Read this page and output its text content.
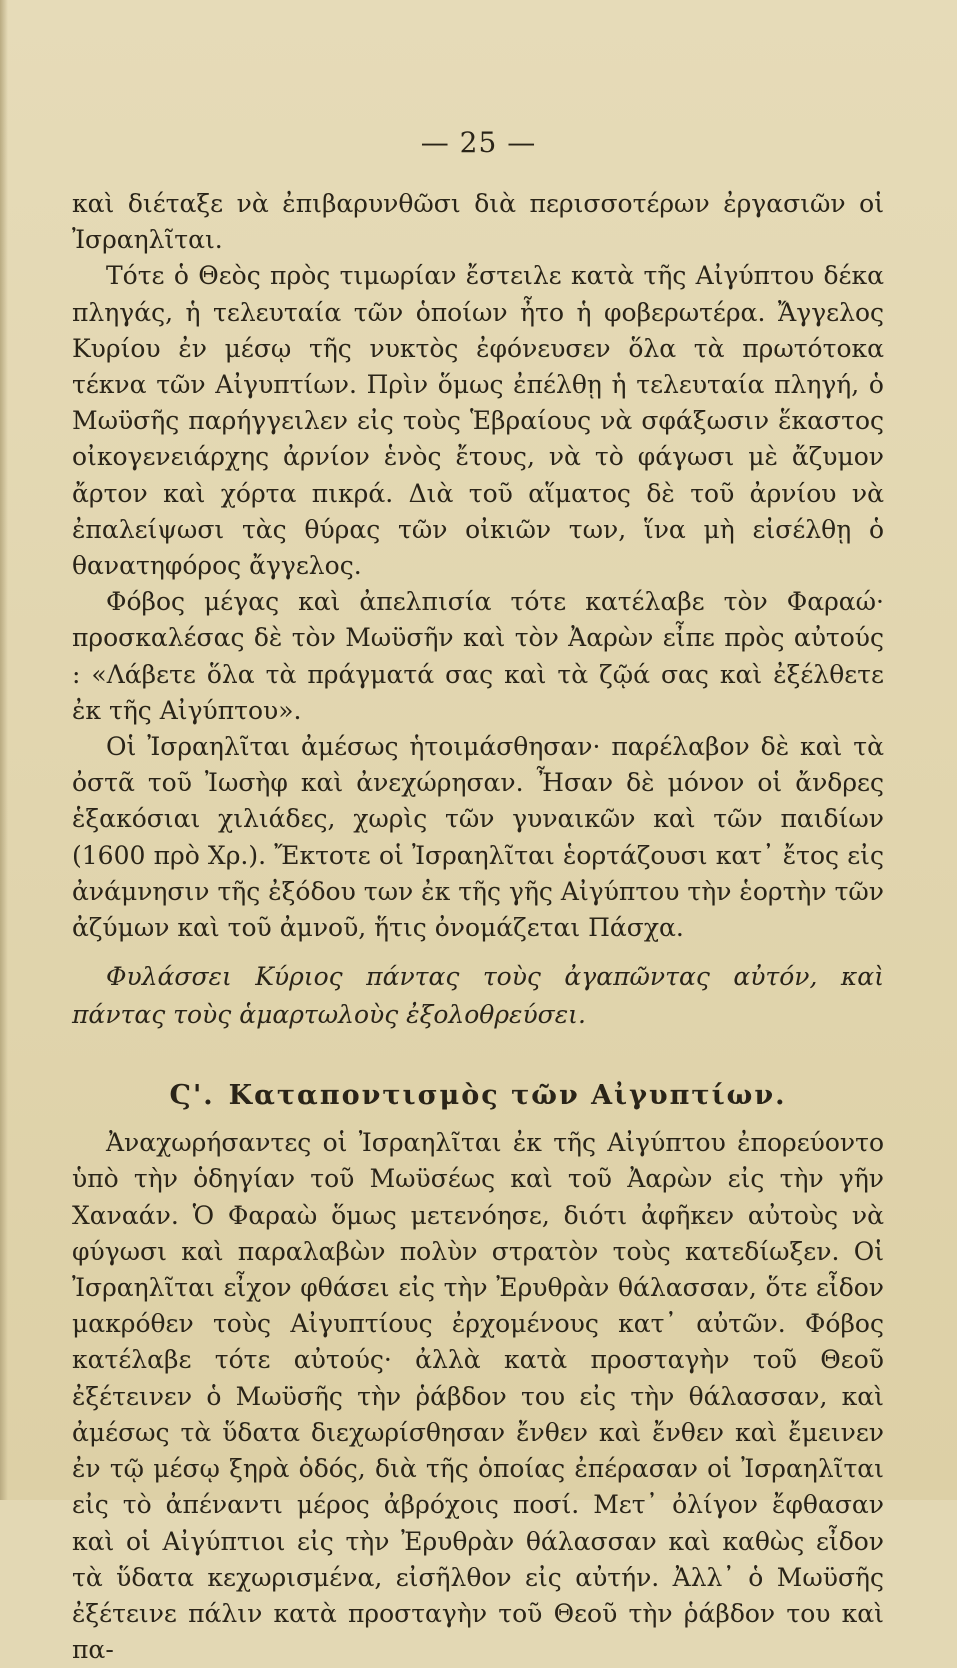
— 25 —

καὶ διέταξε νὰ ἐπιβαρυνθῶσι διὰ περισσοτέρων ἐργασιῶν οἱ Ἰσραηλῖται.

Τότε ὁ Θεὸς πρὸς τιμωρίαν ἔστειλε κατὰ τῆς Αἰγύπτου δέκα πληγάς, ἡ τελευταία τῶν ὁποίων ἦτο ἡ φοβερωτέρα. Ἄγγελος Κυρίου ἐν μέσῳ τῆς νυκτὸς ἐφόνευσεν ὅλα τὰ πρωτότοκα τέκνα τῶν Αἰγυπτίων. Πρὶν ὅμως ἐπέλθῃ ἡ τελευταία πληγή, ὁ Μωϋσῆς παρήγγειλεν εἰς τοὺς Ἑβραίους νὰ σφάξωσιν ἕκαστος οἰκογενειάρχης ἀρνίον ἑνὸς ἔτους, νὰ τὸ φάγωσι μὲ ἄζυμον ἄρτον καὶ χόρτα πικρά. Διὰ τοῦ αἵματος δὲ τοῦ ἀρνίου νὰ ἐπαλείψωσι τὰς θύρας τῶν οἰκιῶν των, ἵνα μὴ εἰσέλθῃ ὁ θανατηφόρος ἄγγελος.

Φόβος μέγας καὶ ἀπελπισία τότε κατέλαβε τὸν Φαραώ· προσκαλέσας δὲ τὸν Μωϋσῆν καὶ τὸν Ἀαρὼν εἶπε πρὸς αὐτούς : «Λάβετε ὅλα τὰ πράγματά σας καὶ τὰ ζῷά σας καὶ ἐξέλθετε ἐκ τῆς Αἰγύπτου».

Οἱ Ἰσραηλῖται ἀμέσως ἡτοιμάσθησαν· παρέλαβον δὲ καὶ τὰ ὀστᾶ τοῦ Ἰωσὴφ καὶ ἀνεχώρησαν. Ἦσαν δὲ μόνον οἱ ἄνδρες ἑξακόσιαι χιλιάδες, χωρὶς τῶν γυναικῶν καὶ τῶν παιδίων (1600 πρὸ Χρ.). Ἔκτοτε οἱ Ἰσραηλῖται ἑορτάζουσι κατ᾿ ἔτος εἰς ἀνάμνησιν τῆς ἐξόδου των ἐκ τῆς γῆς Αἰγύπτου τὴν ἑορτὴν τῶν ἀζύμων καὶ τοῦ ἀμνοῦ, ἥτις ὀνομάζεται Πάσχα.

Φυλάσσει Κύριος πάντας τοὺς ἀγαπῶντας αὐτόν, καὶ πάντας τοὺς ἁμαρτωλοὺς ἐξολοθρεύσει.

Ϛ'. Καταποντισμὸς τῶν Αἰγυπτίων.

Ἀναχωρήσαντες οἱ Ἰσραηλῖται ἐκ τῆς Αἰγύπτου ἐπορεύοντο ὑπὸ τὴν ὁδηγίαν τοῦ Μωϋσέως καὶ τοῦ Ἀαρὼν εἰς τὴν γῆν Χαναάν. Ὁ Φαραὼ ὅμως μετενόησε, διότι ἀφῆκεν αὐτοὺς νὰ φύγωσι καὶ παραλαβὼν πολὺν στρατὸν τοὺς κατεδίωξεν. Οἱ Ἰσραηλῖται εἶχον φθάσει εἰς τὴν Ἐρυθρὰν θάλασσαν, ὅτε εἶδον μακρόθεν τοὺς Αἰγυπτίους ἐρχομένους κατ᾿ αὐτῶν. Φόβος κατέλαβε τότε αὐτούς· ἀλλὰ κατὰ προσταγὴν τοῦ Θεοῦ ἐξέτεινεν ὁ Μωϋσῆς τὴν ῥάβδον του εἰς τὴν θάλασσαν, καὶ ἀμέσως τὰ ὕδατα διεχωρίσθησαν ἔνθεν καὶ ἔνθεν καὶ ἔμεινεν ἐν τῷ μέσῳ ξηρὰ ὁδός, διὰ τῆς ὁποίας ἐπέρασαν οἱ Ἰσραηλῖται εἰς τὸ ἀπέναντι μέρος ἀβρόχοις ποσί. Μετ᾿ ὀλίγον ἔφθασαν καὶ οἱ Αἰγύπτιοι εἰς τὴν Ἐρυθρὰν θάλασσαν καὶ καθὼς εἶδον τὰ ὕδατα κεχωρισμένα, εἰσῆλθον εἰς αὐτήν. Ἀλλ᾿ ὁ Μωϋσῆς ἐξέτεινε πάλιν κατὰ προσταγὴν τοῦ Θεοῦ τὴν ῥάβδον του καὶ πα-
